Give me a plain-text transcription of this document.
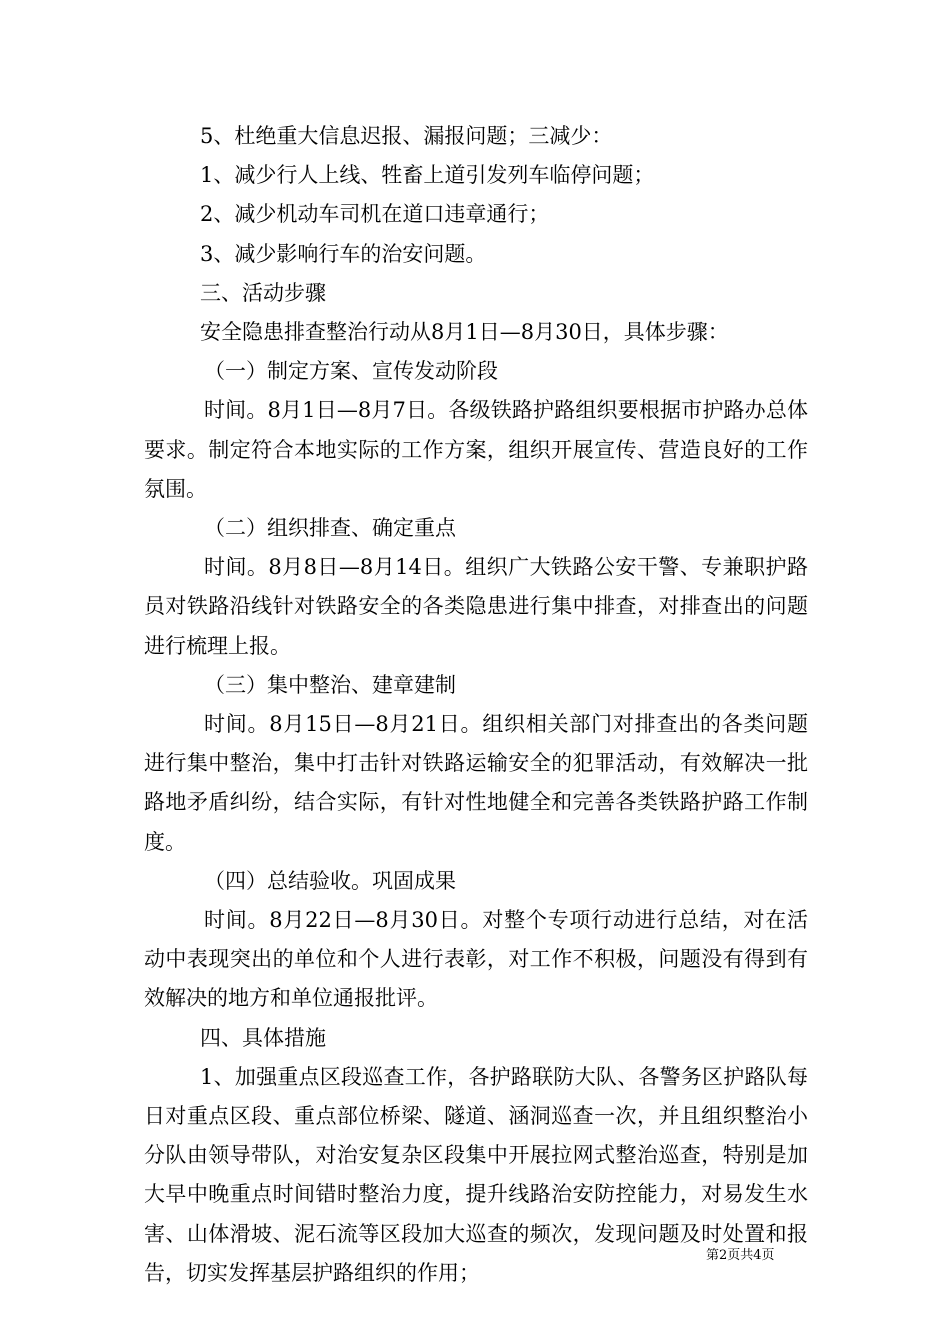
5、杜绝重大信息迟报、漏报问题；三减少：

1、减少行人上线、牲畜上道引发列车临停问题；

2、减少机动车司机在道口违章通行；

3、减少影响行车的治安问题。

三、活动步骤

安全隐患排查整治行动从8月1日—8月30日，具体步骤：

（一）制定方案、宣传发动阶段

时间。8月1日—8月7日。各级铁路护路组织要根据市护路办总体要求。制定符合本地实际的工作方案，组织开展宣传、营造良好的工作氛围。

（二）组织排查、确定重点

时间。8月8日—8月14日。组织广大铁路公安干警、专兼职护路员对铁路沿线针对铁路安全的各类隐患进行集中排查，对排查出的问题进行梳理上报。

（三）集中整治、建章建制

时间。8月15日—8月21日。组织相关部门对排查出的各类问题进行集中整治，集中打击针对铁路运输安全的犯罪活动，有效解决一批路地矛盾纠纷，结合实际，有针对性地健全和完善各类铁路护路工作制度。

（四）总结验收。巩固成果

时间。8月22日—8月30日。对整个专项行动进行总结，对在活动中表现突出的单位和个人进行表彰，对工作不积极，问题没有得到有效解决的地方和单位通报批评。

四、具体措施

1、加强重点区段巡查工作，各护路联防大队、各警务区护路队每日对重点区段、重点部位桥梁、隧道、涵洞巡查一次，并且组织整治小分队由领导带队，对治安复杂区段集中开展拉网式整治巡查，特别是加大早中晚重点时间错时整治力度，提升线路治安防控能力，对易发生水害、山体滑坡、泥石流等区段加大巡查的频次，发现问题及时处置和报告，切实发挥基层护路组织的作用；

第2页共4页
